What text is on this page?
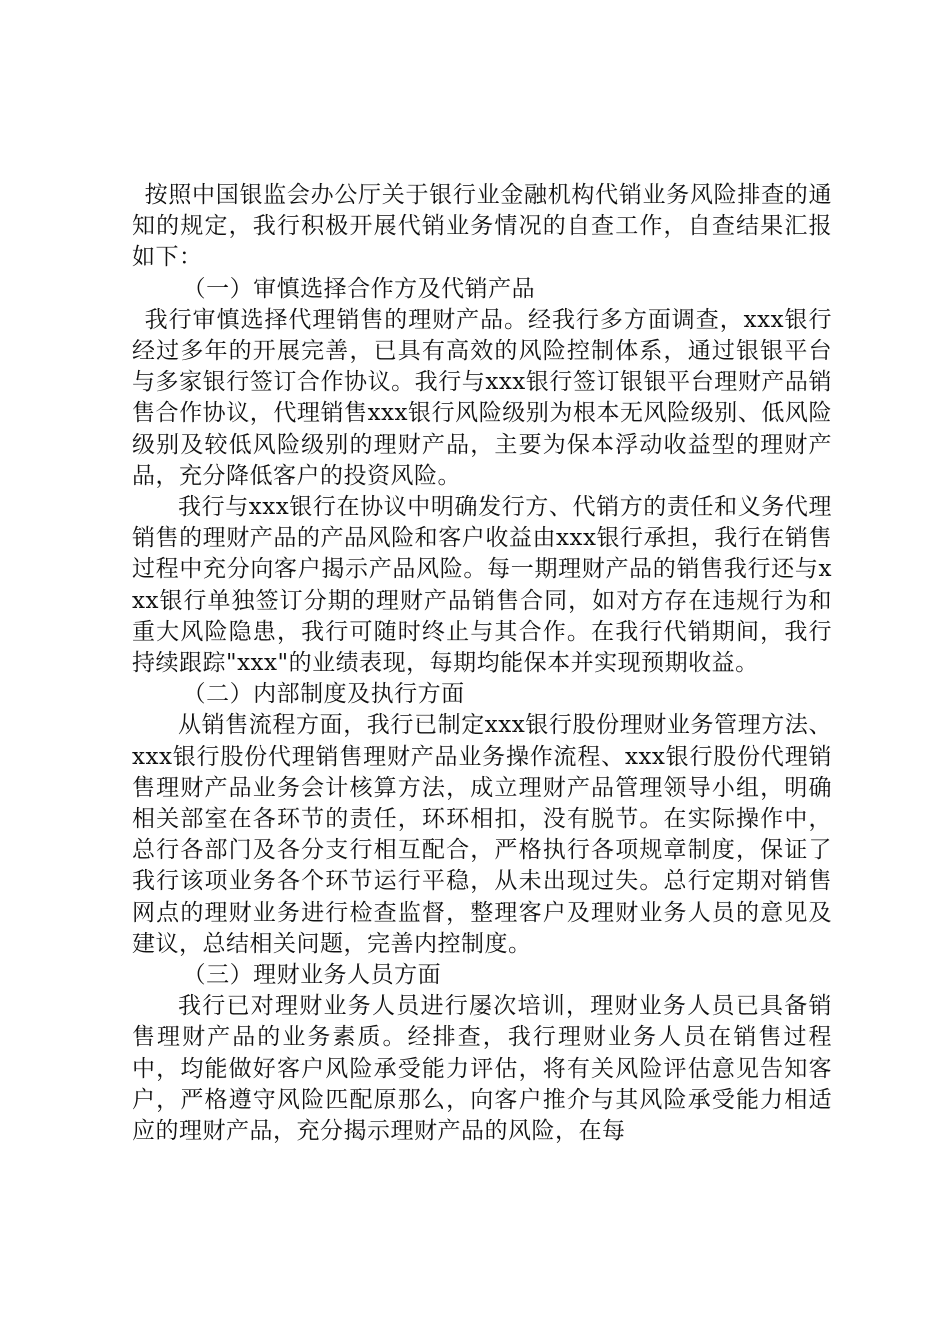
按照中国银监会办公厅关于银行业金融机构代销业务风险排查的通知的规定，我行积极开展代销业务情况的自查工作，自查结果汇报如下：

（一）审慎选择合作方及代销产品

我行审慎选择代理销售的理财产品。经我行多方面调查，xxx银行经过多年的开展完善，已具有高效的风险控制体系，通过银银平台与多家银行签订合作协议。我行与xxx银行签订银银平台理财产品销售合作协议，代理销售xxx银行风险级别为根本无风险级别、低风险级别及较低风险级别的理财产品，主要为保本浮动收益型的理财产品，充分降低客户的投资风险。

我行与xxx银行在协议中明确发行方、代销方的责任和义务代理销售的理财产品的产品风险和客户收益由xxx银行承担，我行在销售过程中充分向客户揭示产品风险。每一期理财产品的销售我行还与xxx银行单独签订分期的理财产品销售合同，如对方存在违规行为和重大风险隐患，我行可随时终止与其合作。在我行代销期间，我行持续跟踪"xxx"的业绩表现，每期均能保本并实现预期收益。

（二）内部制度及执行方面

从销售流程方面，我行已制定xxx银行股份理财业务管理方法、xxx银行股份代理销售理财产品业务操作流程、xxx银行股份代理销售理财产品业务会计核算方法，成立理财产品管理领导小组，明确相关部室在各环节的责任，环环相扣，没有脱节。在实际操作中，总行各部门及各分支行相互配合，严格执行各项规章制度，保证了我行该项业务各个环节运行平稳，从未出现过失。总行定期对销售网点的理财业务进行检查监督，整理客户及理财业务人员的意见及建议，总结相关问题，完善内控制度。

（三）理财业务人员方面

我行已对理财业务人员进行屡次培训，理财业务人员已具备销售理财产品的业务素质。经排查，我行理财业务人员在销售过程中，均能做好客户风险承受能力评估，将有关风险评估意见告知客户，严格遵守风险匹配原那么，向客户推介与其风险承受能力相适应的理财产品，充分揭示理财产品的风险，在每
